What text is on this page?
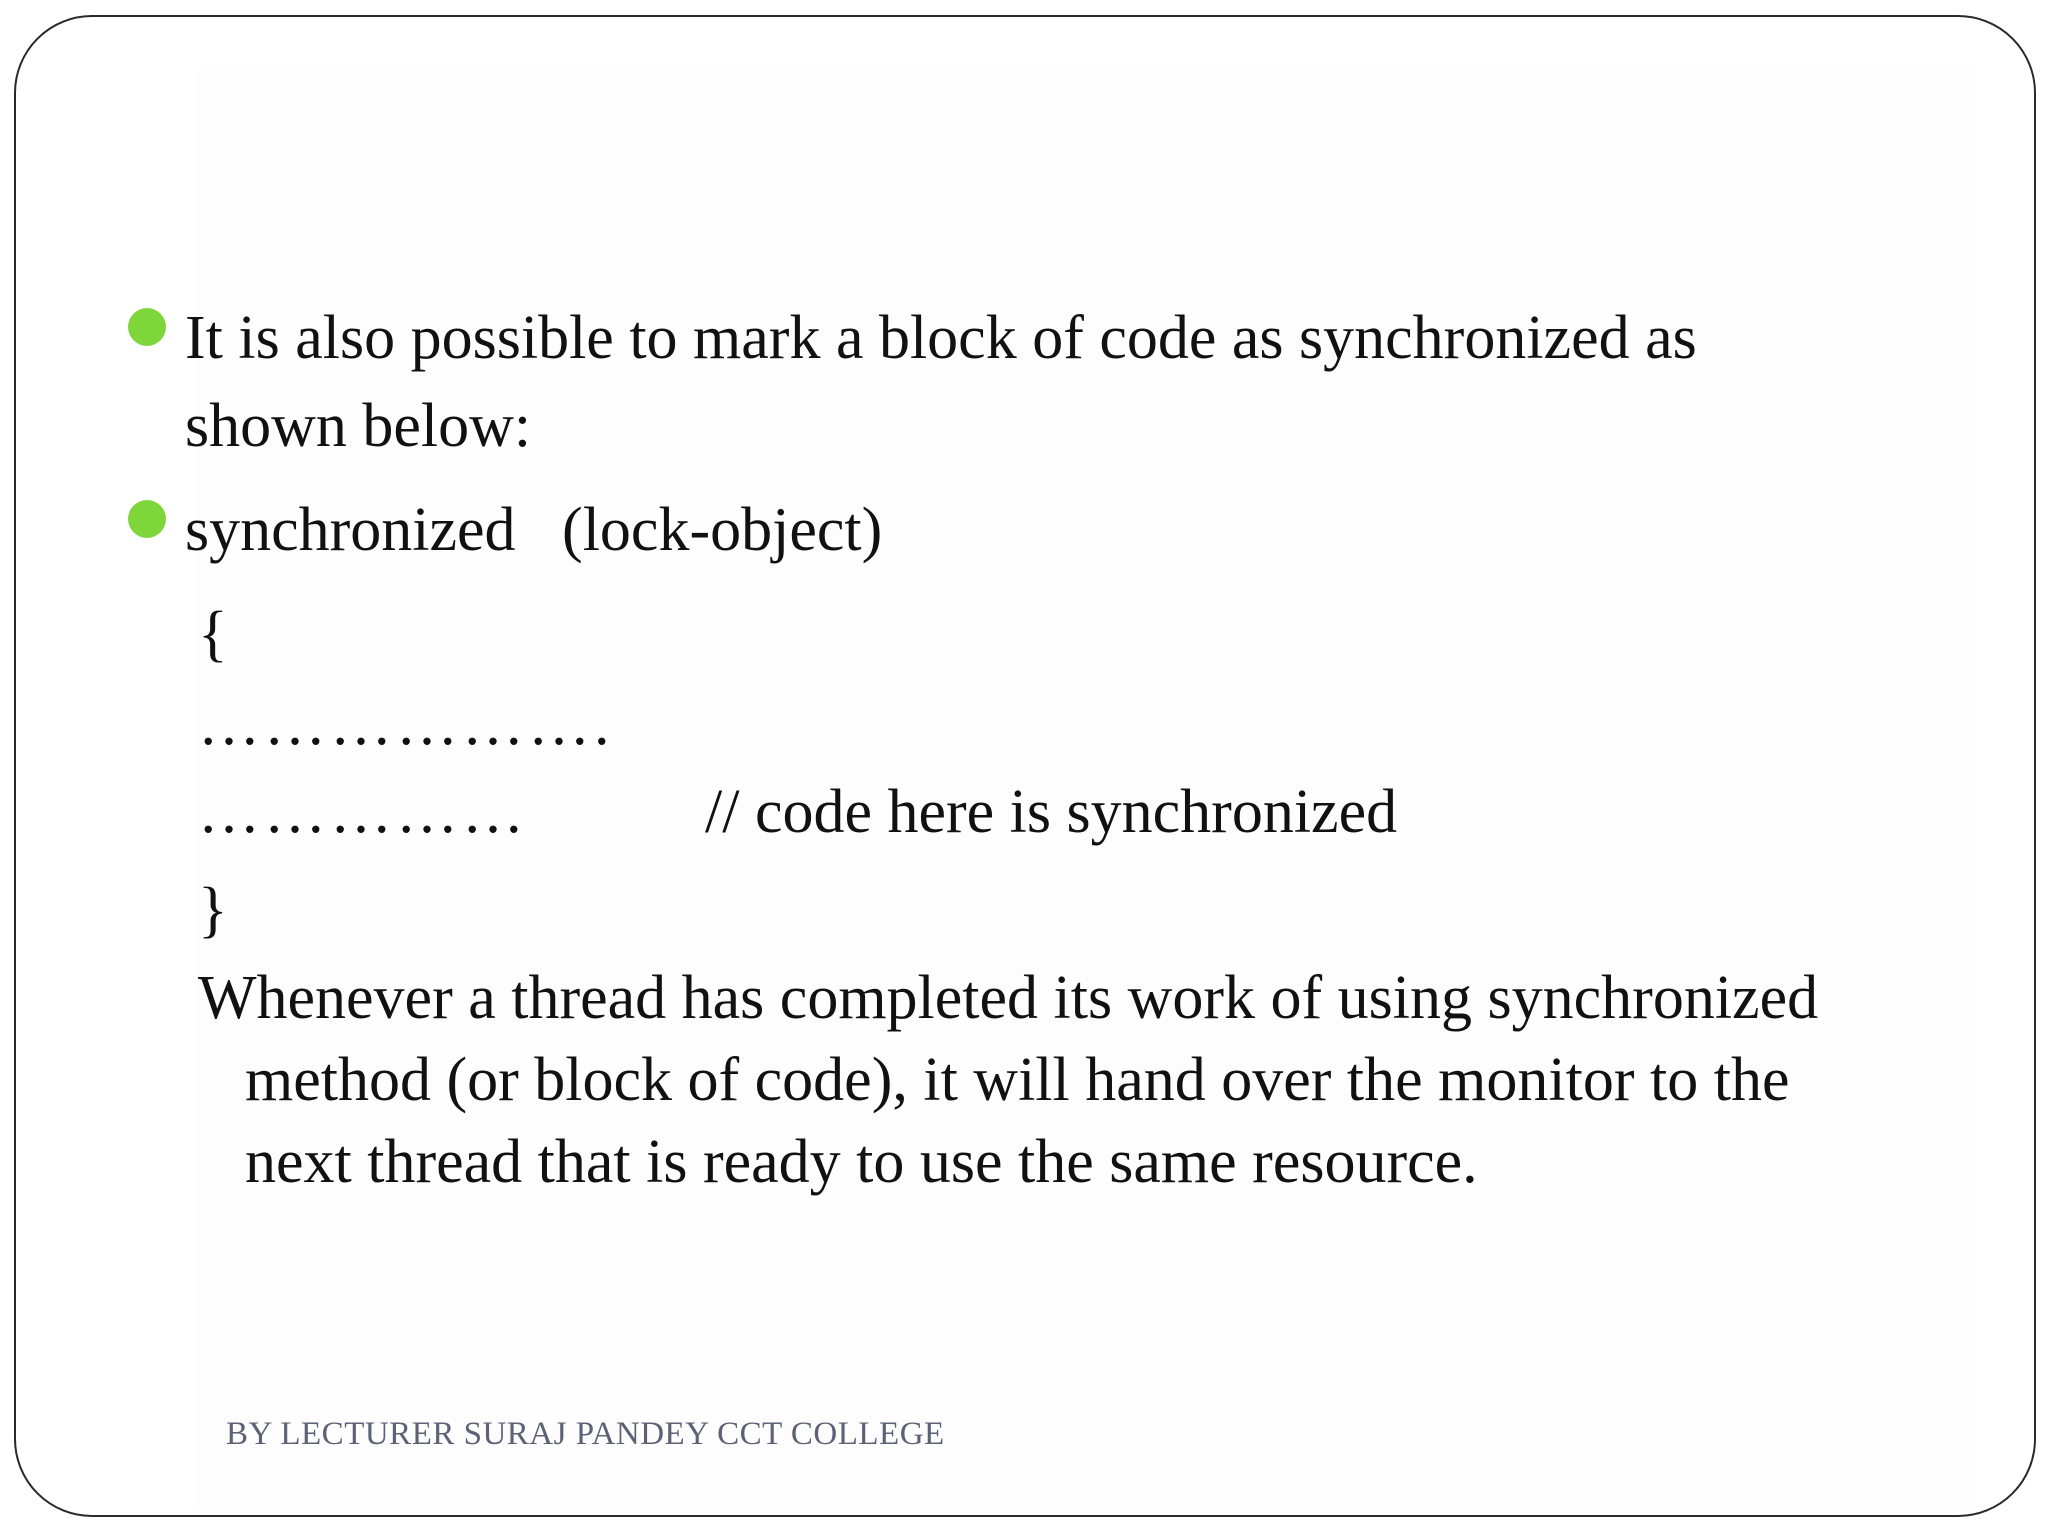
It is also possible to mark a block of code as synchronized as
shown below:
synchronized   (lock-object)
{
……………….
……………	// code here is synchronized
}
Whenever a thread has completed its work of using synchronized
method (or block of code), it will hand over the monitor to the
next thread that is ready to use the same resource.
BY LECTURER SURAJ PANDEY CCT COLLEGE
